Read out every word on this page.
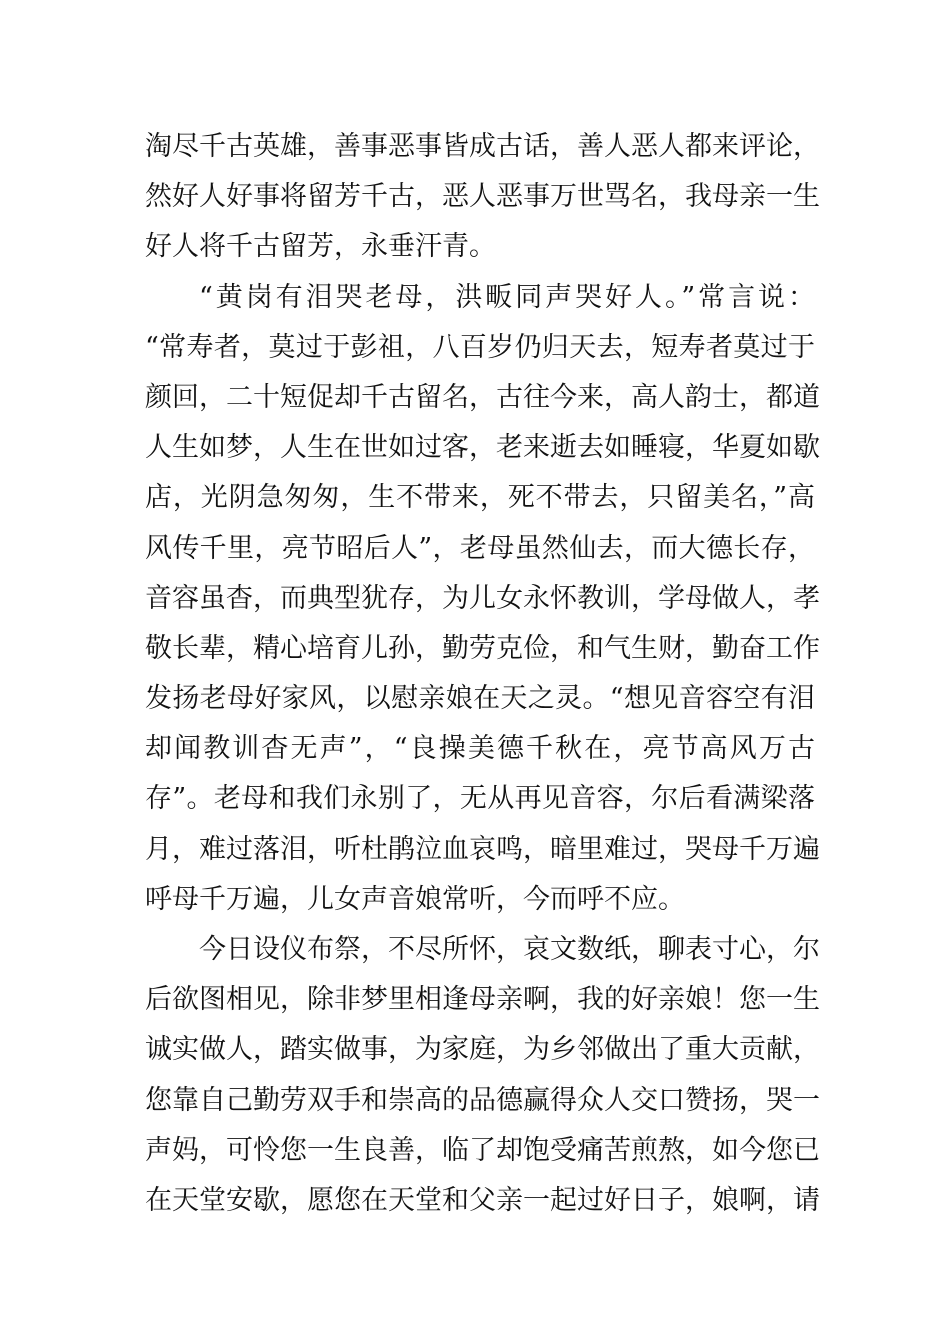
淘尽千古英雄，善事恶事皆成古话，善人恶人都来评论，
然好人好事将留芳千古，恶人恶事万世骂名，我母亲一生
好人将千古留芳，永垂汗青。
“黄岗有泪哭老母，洪畈同声哭好人。”常言说：
“常寿者，莫过于彭祖，八百岁仍归天去，短寿者莫过于
颜回，二十短促却千古留名，古往今来，高人韵士，都道
人生如梦，人生在世如过客，老来逝去如睡寝，华夏如歇
店，光阴急匆匆，生不带来，死不带去，只留美名，”高
风传千里，亮节昭后人”，老母虽然仙去，而大德长存，
音容虽杳，而典型犹存，为儿女永怀教训，学母做人，孝
敬长辈，精心培育儿孙，勤劳克俭，和气生财，勤奋工作
发扬老母好家风，以慰亲娘在天之灵。“想见音容空有泪
却闻教训杳无声”，“良操美德千秋在，亮节高风万古
存”。老母和我们永别了，无从再见音容，尔后看满梁落
月，难过落泪，听杜鹃泣血哀鸣，暗里难过，哭母千万遍
呼母千万遍，儿女声音娘常听，今而呼不应。
今日设仪布祭，不尽所怀，哀文数纸，聊表寸心，尔
后欲图相见，除非梦里相逢母亲啊，我的好亲娘！您一生
诚实做人，踏实做事，为家庭，为乡邻做出了重大贡献，
您靠自己勤劳双手和崇高的品德赢得众人交口赞扬，哭一
声妈，可怜您一生良善，临了却饱受痛苦煎熬，如今您已
在天堂安歇，愿您在天堂和父亲一起过好日子，娘啊，请
